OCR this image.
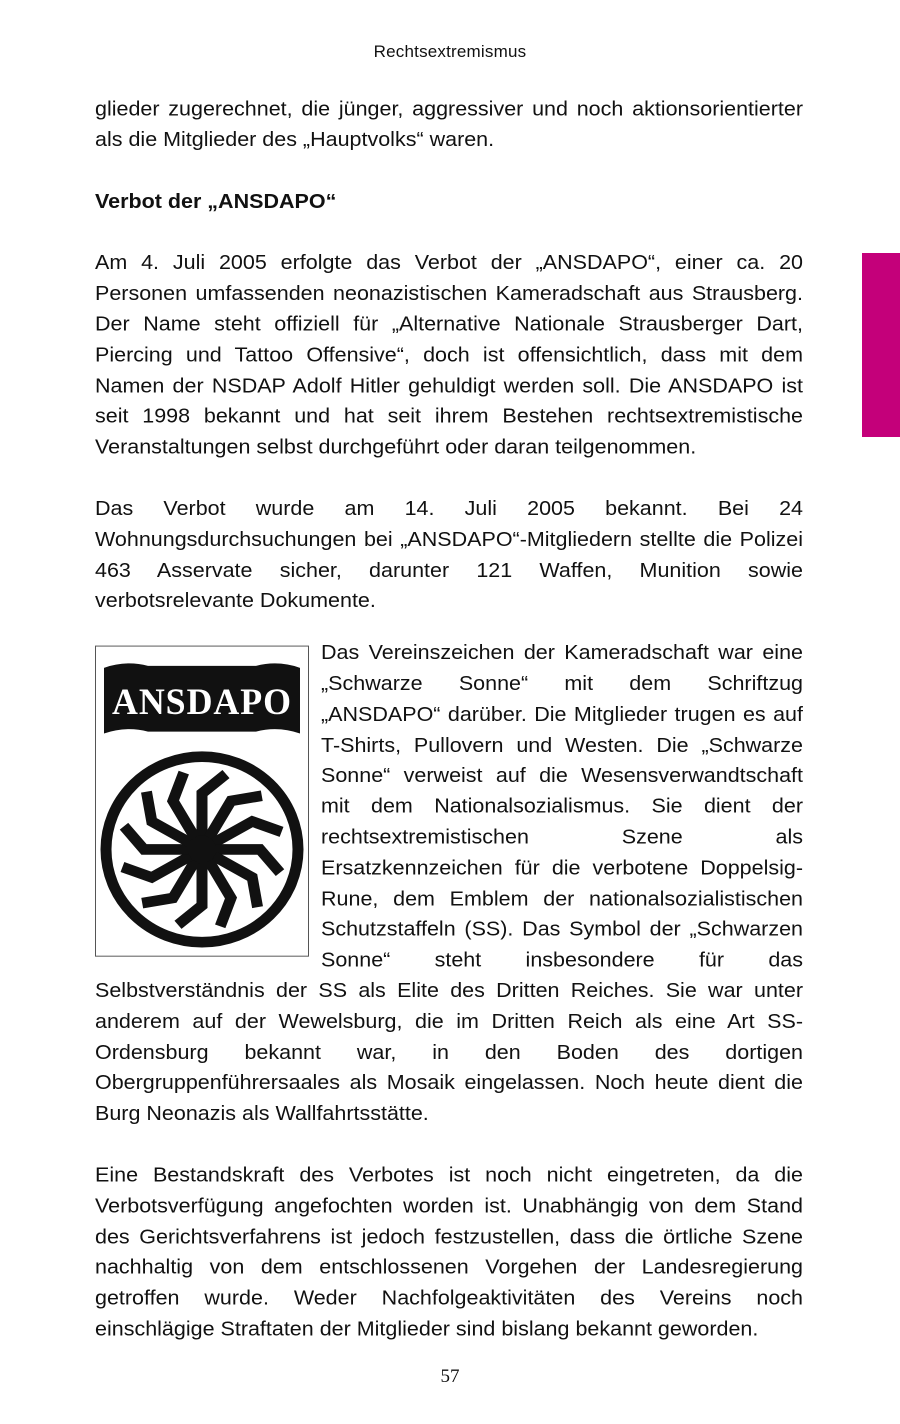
Rechtsextremismus

glieder zugerechnet, die jünger, aggressiver und noch aktionsorientierter als die Mitglieder des „Hauptvolks“ waren.

Verbot der „ANSDAPO“

Am 4. Juli 2005 erfolgte das Verbot der „ANSDAPO“, einer ca. 20 Personen umfassenden neonazistischen Kameradschaft aus Strausberg. Der Name steht offiziell für „Alternative Nationale Strausberger Dart, Piercing und Tattoo Offensive“, doch ist offensichtlich, dass mit dem Namen der NSDAP Adolf Hitler gehuldigt werden soll. Die ANSDAPO ist seit 1998 bekannt und hat seit ihrem Bestehen rechtsextremistische Veranstaltungen selbst durchgeführt oder daran teilgenommen.

Das Verbot wurde am 14. Juli 2005 bekannt. Bei 24 Wohnungsdurchsuchungen bei „ANSDAPO“-Mitgliedern stellte die Polizei 463 Asservate sicher, darunter 121 Waffen, Munition sowie verbotsrelevante Dokumente.

ANSDAPO

Das Vereinszeichen der Kameradschaft war eine „Schwarze Sonne“ mit dem Schriftzug „ANSDAPO“ darüber. Die Mitglieder trugen es auf T-Shirts, Pullovern und Westen. Die „Schwarze Sonne“ verweist auf die Wesensverwandtschaft mit dem Nationalsozialismus. Sie dient der rechtsextremistischen Szene als Ersatzkennzeichen für die verbotene Doppelsig-Rune, dem Emblem der nationalsozialistischen Schutzstaffeln (SS). Das Symbol der „Schwarzen Sonne“ steht insbesondere für das Selbstverständnis der SS als Elite des Dritten Reiches. Sie war unter anderem auf der Wewelsburg, die im Dritten Reich als eine Art SS-Ordensburg bekannt war, in den Boden des dortigen Obergruppenführersaales als Mosaik eingelassen. Noch heute dient die Burg Neonazis als Wallfahrtsstätte.

Eine Bestandskraft des Verbotes ist noch nicht eingetreten, da die Verbotsverfügung angefochten worden ist. Unabhängig von dem Stand des Gerichtsverfahrens ist jedoch festzustellen, dass die örtliche Szene nachhaltig von dem entschlossenen Vorgehen der Landesregierung getroffen wurde. Weder Nachfolgeaktivitäten des Vereins noch einschlägige Straftaten der Mitglieder sind bislang bekannt geworden.

57
